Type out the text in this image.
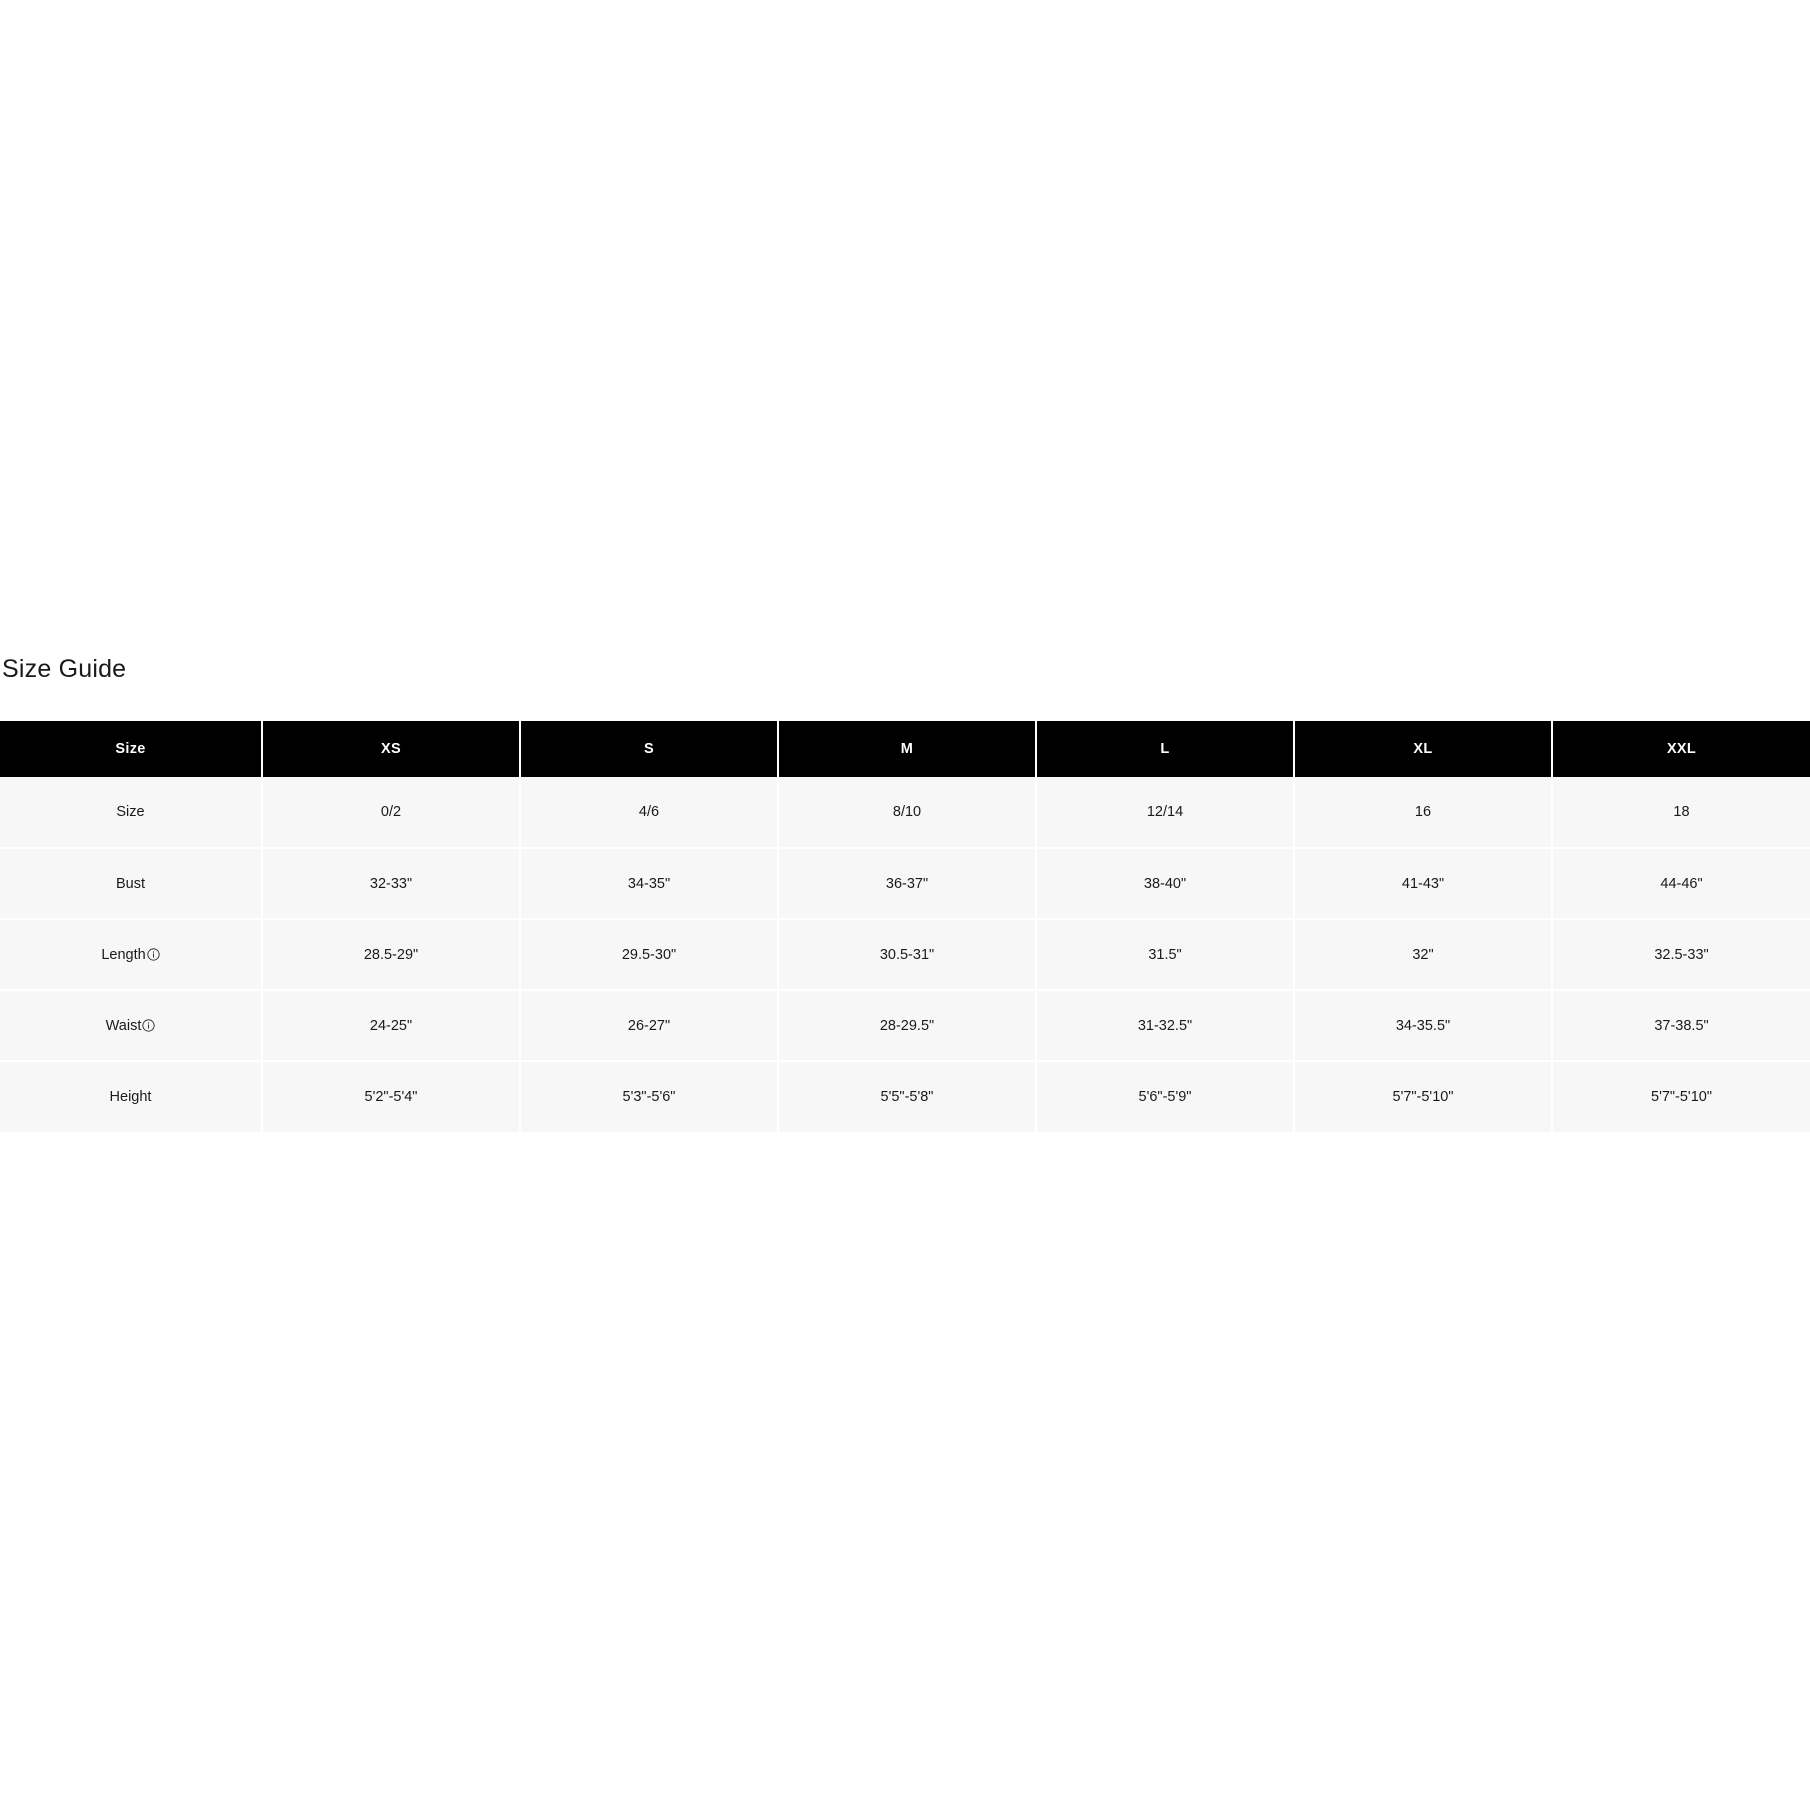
Size Guide
Size	XS	S	M	L	XL	XXL

Size	0/2	4/6	8/10	12/14	16	18

Bust	32-33"	34-35"	36-37"	38-40"	41-43"	44-46"

Length	28.5-29"	29.5-30"	30.5-31"	31.5"	32"	32.5-33"

Waist	24-25"	26-27"	28-29.5"	31-32.5"	34-35.5"	37-38.5"

Height	5'2"-5'4"	5'3"-5'6"	5'5"-5'8"	5'6"-5'9"	5'7"-5'10"	5'7"-5'10"
